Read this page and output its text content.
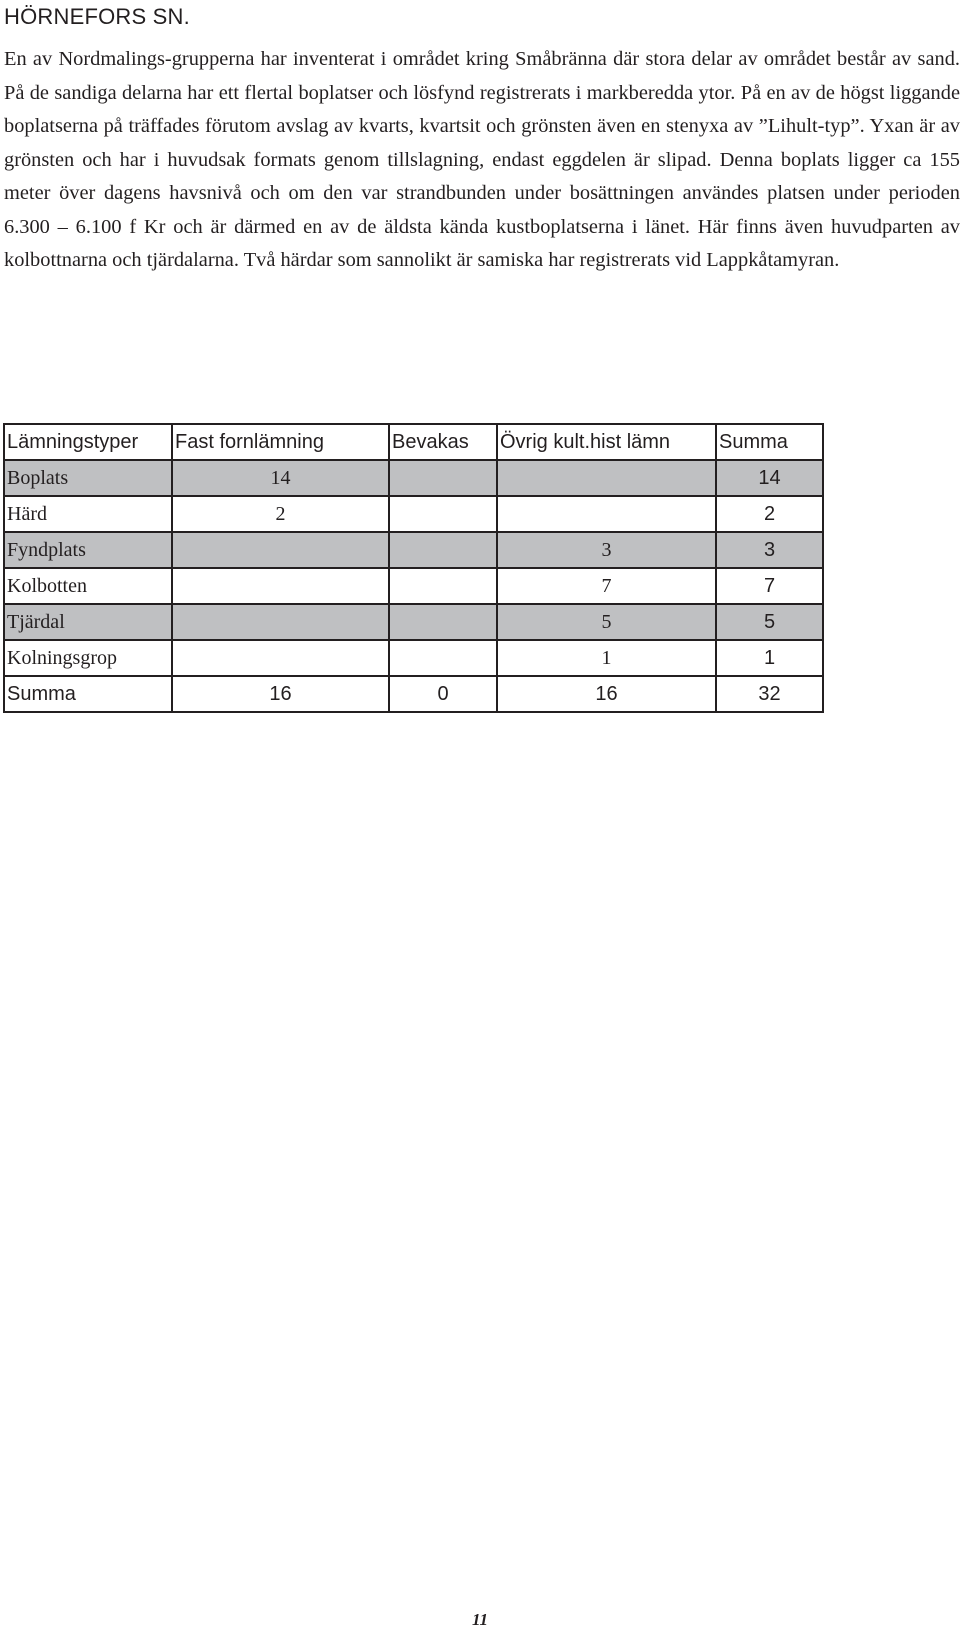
HÖRNEFORS SN.

En av Nordmalings-grupperna har inventerat i området kring Småbränna där stora delar av området består av sand. På de sandiga delarna har ett flertal boplatser och lösfynd registrerats i markberedda ytor. På en av de högst liggande boplatserna på träffades förutom avslag av kvarts, kvartsit och grönsten även en stenyxa av ”Lihult-typ”. Yxan är av grönsten och har i huvudsak formats genom tillslagning, endast eggdelen är slipad. Denna boplats ligger ca 155 meter över dagens havsnivå och om den var strandbunden under bosättningen användes platsen under perioden 6.300 – 6.100 f Kr och är därmed en av de äldsta kända kustboplatserna i länet. Här finns även huvudparten av kolbottnarna och tjärdalarna. Två härdar som sannolikt är samiska har registrerats vid Lappkåtamyran.

Lämningstyper	Fast fornlämning	Bevakas	Övrig kult.hist lämn	Summa
Boplats	14			14
Härd	2			2
Fyndplats			3	3
Kolbotten			7	7
Tjärdal			5	5
Kolningsgrop			1	1
Summa	16	0	16	32
11
